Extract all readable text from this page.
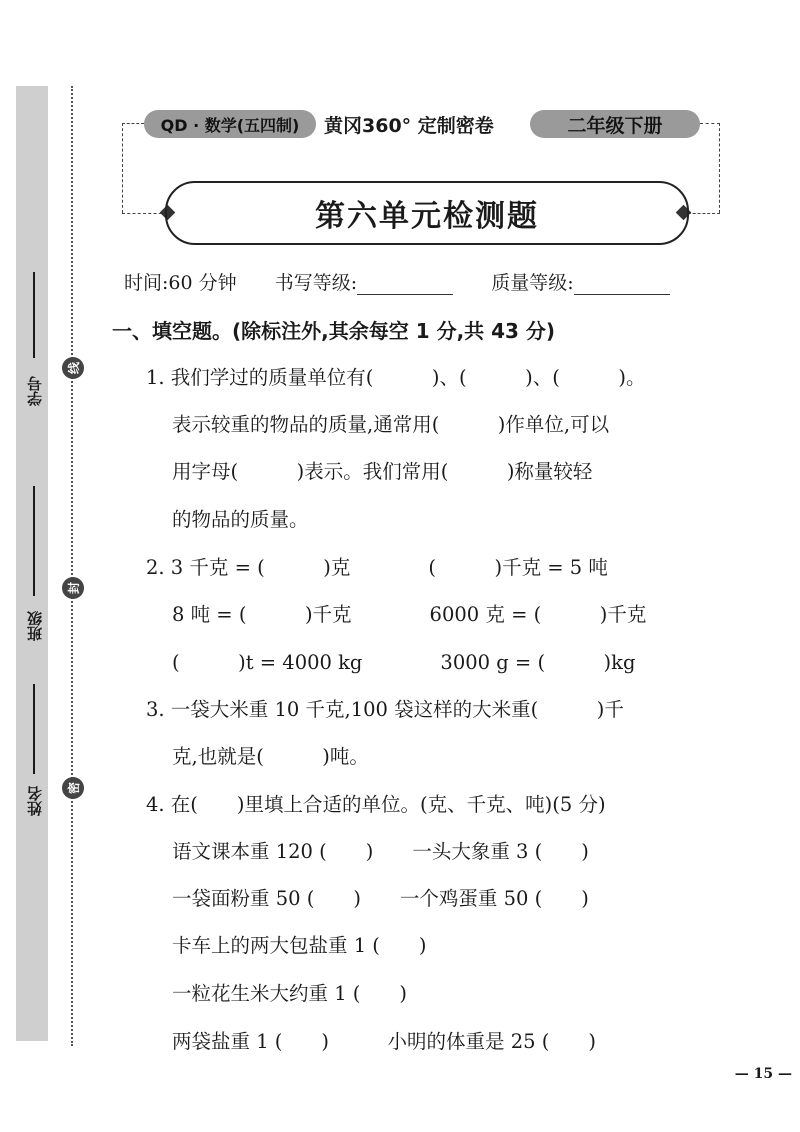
学号
班级
姓名
线
封
密
QD · 数学(五四制)	黄冈360° 定制密卷	二年级下册
第六单元检测题
时间:60 分钟 书写等级:	质量等级:
一、填空题。(除标注外,其余每空 1 分,共 43 分)
1. 我们学过的质量单位有(　　　)、(　　　)、(　　　)。
表示较重的物品的质量,通常用(　　　)作单位,可以
用字母(　　　)表示。我们常用(　　　)称量较轻
的物品的质量。
2. 3 千克 = (　　　)克　　　　(　　　)千克 = 5 吨
8 吨 = (　　　)千克　　　　6000 克 = (　　　)千克
(　　　)t = 4000 kg　　　　3000 g = (　　　)kg
3. 一袋大米重 10 千克,100 袋这样的大米重(　　　)千
克,也就是(　　　)吨。
4. 在(　　)里填上合适的单位。(克、千克、吨)(5 分)
语文课本重 120 (　　)　　一头大象重 3 (　　)
一袋面粉重 50 (　　)　　一个鸡蛋重 50 (　　)
卡车上的两大包盐重 1 (　　)
一粒花生米大约重 1 (　　)
两袋盐重 1 (　　)　　　小明的体重是 25 (　　)
— 15 —
